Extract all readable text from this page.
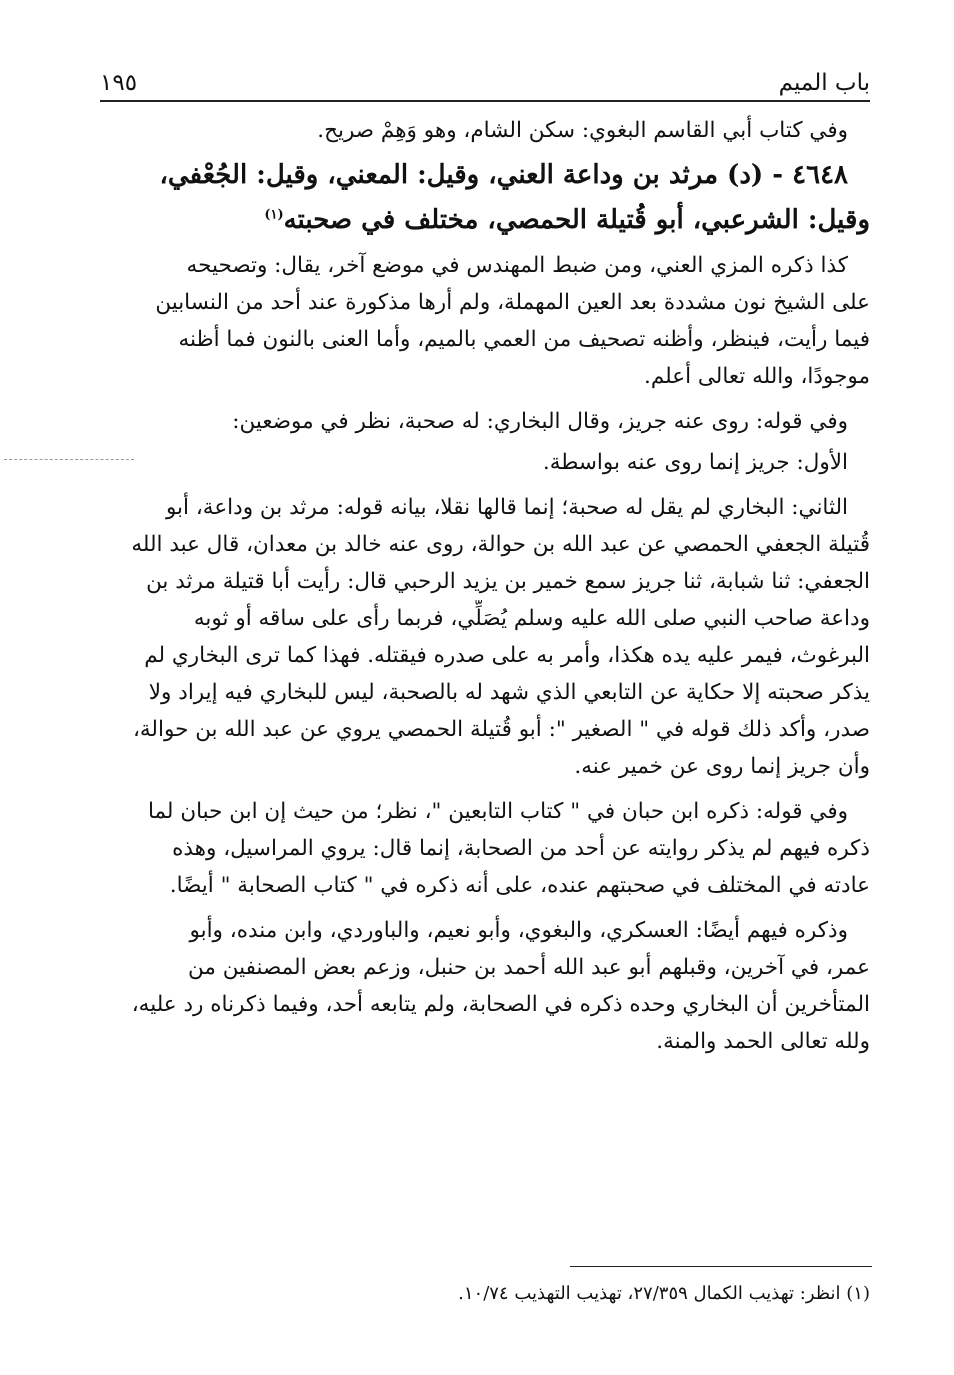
باب الميم
١٩٥
وفي كتاب أبي القاسم البغوي: سكن الشام، وهو وَهِمْ صريح.
٤٦٤٨ - (د) مرثد بن وداعة العني، وقيل: المعني، وقيل: الجُعْفي،
وقيل: الشرعبي، أبو قُتيلة الحمصي، مختلف في صحبته$^{(١)}$
كذا ذكره المزي العني، ومن ضبط المهندس في موضع آخر، يقال: وتصحيحه
على الشيخ نون مشددة بعد العين المهملة، ولم أرها مذكورة عند أحد من النسابين
فيما رأيت، فينظر، وأظنه تصحيف من العمي بالميم، وأما العنى بالنون فما أظنه
موجودًا، والله تعالى أعلم.
وفي قوله: روى عنه جريز، وقال البخاري: له صحبة، نظر في موضعين:
الأول: جريز إنما روى عنه بواسطة.
الثاني: البخاري لم يقل له صحبة؛ إنما قالها نقلا، بيانه قوله: مرثد بن وداعة، أبو
قُتيلة الجعفي الحمصي عن عبد الله بن حوالة، روى عنه خالد بن معدان، قال عبد الله
الجعفي: ثنا شبابة، ثنا جريز سمع خمير بن يزيد الرحبي قال: رأيت أبا قتيلة مرثد بن
وداعة صاحب النبي صلى الله عليه وسلم يُصَلِّي، فربما رأى على ساقه أو ثوبه
البرغوث، فيمر عليه يده هكذا، وأمر به على صدره فيقتله. فهذا كما ترى البخاري لم
يذكر صحبته إلا حكاية عن التابعي الذي شهد له بالصحبة، ليس للبخاري فيه إيراد ولا
صدر، وأكد ذلك قوله في " الصغير ": أبو قُتيلة الحمصي يروي عن عبد الله بن حوالة،
وأن جريز إنما روى عن خمير عنه.
وفي قوله: ذكره ابن حبان في " كتاب التابعين "، نظر؛ من حيث إن ابن حبان لما
ذكره فيهم لم يذكر روايته عن أحد من الصحابة، إنما قال: يروي المراسيل، وهذه
عادته في المختلف في صحبتهم عنده، على أنه ذكره في " كتاب الصحابة " أيضًا.
وذكره فيهم أيضًا: العسكري، والبغوي، وأبو نعيم، والباوردي، وابن منده، وأبو
عمر، في آخرين، وقبلهم أبو عبد الله أحمد بن حنبل، وزعم بعض المصنفين من
المتأخرين أن البخاري وحده ذكره في الصحابة، ولم يتابعه أحد، وفيما ذكرناه رد عليه،
ولله تعالى الحمد والمنة.
(١) انظر: تهذيب الكمال ٢٧/٣٥٩، تهذيب التهذيب ١٠/٧٤.
